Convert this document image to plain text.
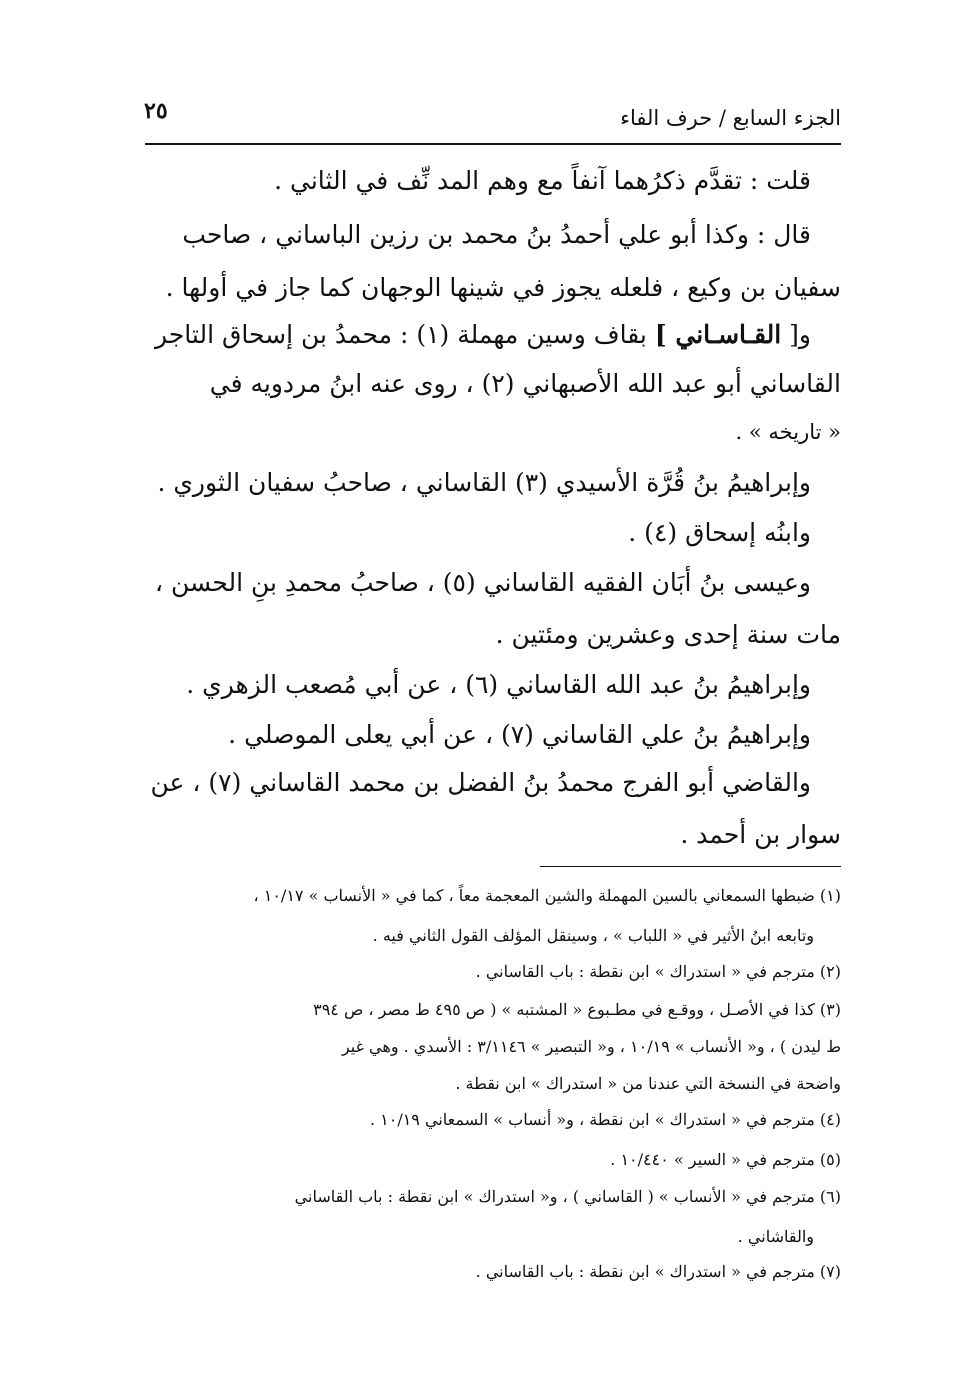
٢٥	الجزء السابع / حرف الفاء
قلت : تقدَّم ذكرُهما آنفاً مع وهم المد نِّف في الثاني .
قال : وكذا أبو علي أحمدُ بنُ محمد بن رزين الباساني ، صاحب
سفيان بن وكيع ، فلعله يجوز في شينها الوجهان كما جاز في أولها .
و[ القـاسـاني ] بقاف وسين مهملة (١) : محمدُ بن إسحاق التاجر
القاساني أبو عبد الله الأصبهاني (٢) ، روى عنه ابنُ مردويه في
« تاريخه » .
وإبراهيمُ بنُ قُرَّة الأسيدي (٣) القاساني ، صاحبُ سفيان الثوري .
وابنُه إسحاق (٤) .
وعيسى بنُ أبَان الفقيه القاساني (٥) ، صاحبُ محمدِ بنِ الحسن ،
مات سنة إحدى وعشرين ومئتين .
وإبراهيمُ بنُ عبد الله القاساني (٦) ، عن أبي مُصعب الزهري .
وإبراهيمُ بنُ علي القاساني (٧) ، عن أبي يعلى الموصلي .
والقاضي أبو الفرج محمدُ بنُ الفضل بن محمد القاساني (٧) ، عن
سوار بن أحمد .
(١) ضبطها السمعاني بالسين المهملة والشين المعجمة معاً ، كما في « الأنساب » ١٠/١٧ ،
وتابعه ابنُ الأثير في « اللباب » ، وسينقل المؤلف القول الثاني فيه .
(٢) مترجم في « استدراك » ابن نقطة : باب القاساني .
(٣) كذا في الأصـل ، ووقـع في مطـبوع « المشتبه » ( ص ٤٩٥ ط مصر ، ص ٣٩٤
ط ليدن ) ، و« الأنساب » ١٠/١٩ ، و« التبصير » ٣/١١٤٦ : الأسدي . وهي غير
واضحة في النسخة التي عندنا من « استدراك » ابن نقطة .
(٤) مترجم في « استدراك » ابن نقطة ، و« أنساب » السمعاني ١٠/١٩ .
(٥) مترجم في « السير » ١٠/٤٤٠ .
(٦) مترجم في « الأنساب » ( القاساني ) ، و« استدراك » ابن نقطة : باب القاساني
والقاشاني .
(٧) مترجم في « استدراك » ابن نقطة : باب القاساني .
